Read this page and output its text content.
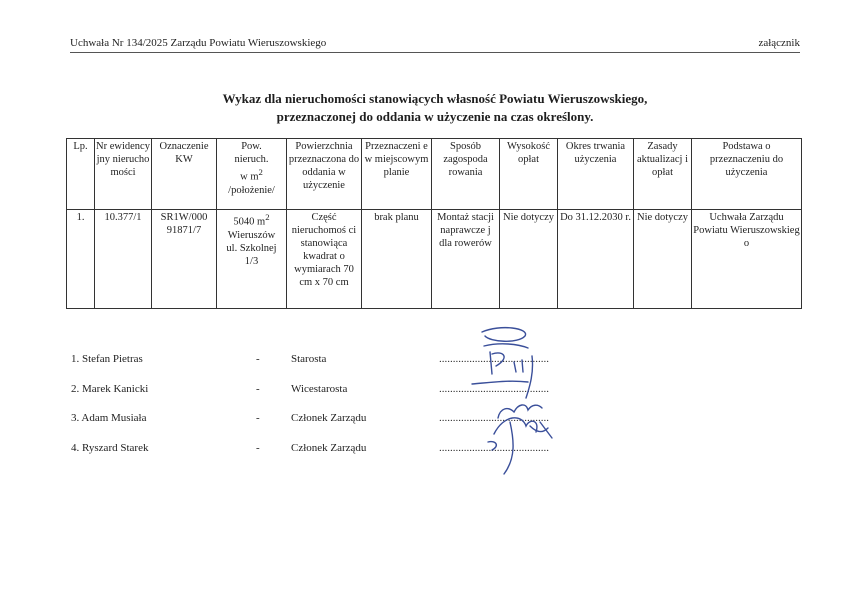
Uchwała Nr 134/2025 Zarządu Powiatu Wieruszowskiego	załącznik
Wykaz dla nieruchomości stanowiących własność Powiatu Wieruszowskiego,
przeznaczonej do oddania w użyczenie na czas określony.
Lp.	Nr ewidency jny nierucho mości	Oznaczenie KW	Pow.
nieruch.
w $m^2$
/położenie/	Powierzchnia przeznaczona do oddania w użyczenie	Przeznaczeni e w miejscowym planie	Sposób zagospoda rowania	Wysokość opłat	Okres trwania użyczenia	Zasady aktualizacj i opłat	Podstawa o przeznaczeniu do użyczenia
1.	10.377/1	SR1W/000 91871/7	5040 $m^2$
Wieruszów
ul. Szkolnej
1/3	Część nieruchomoś ci stanowiąca kwadrat o wymiarach 70 cm x 70 cm	brak planu	Montaż stacji naprawcze j dla rowerów	Nie dotyczy	Do 31.12.2030 r.	Nie dotyczy	Uchwała Zarządu Powiatu Wieruszowskieg o
1. Stefan Pietras	-	Starosta	........................................
2. Marek Kanicki	-	Wicestarosta	........................................
3. Adam Musiała	-	Członek Zarządu	........................................
4. Ryszard Starek	-	Członek Zarządu	........................................
